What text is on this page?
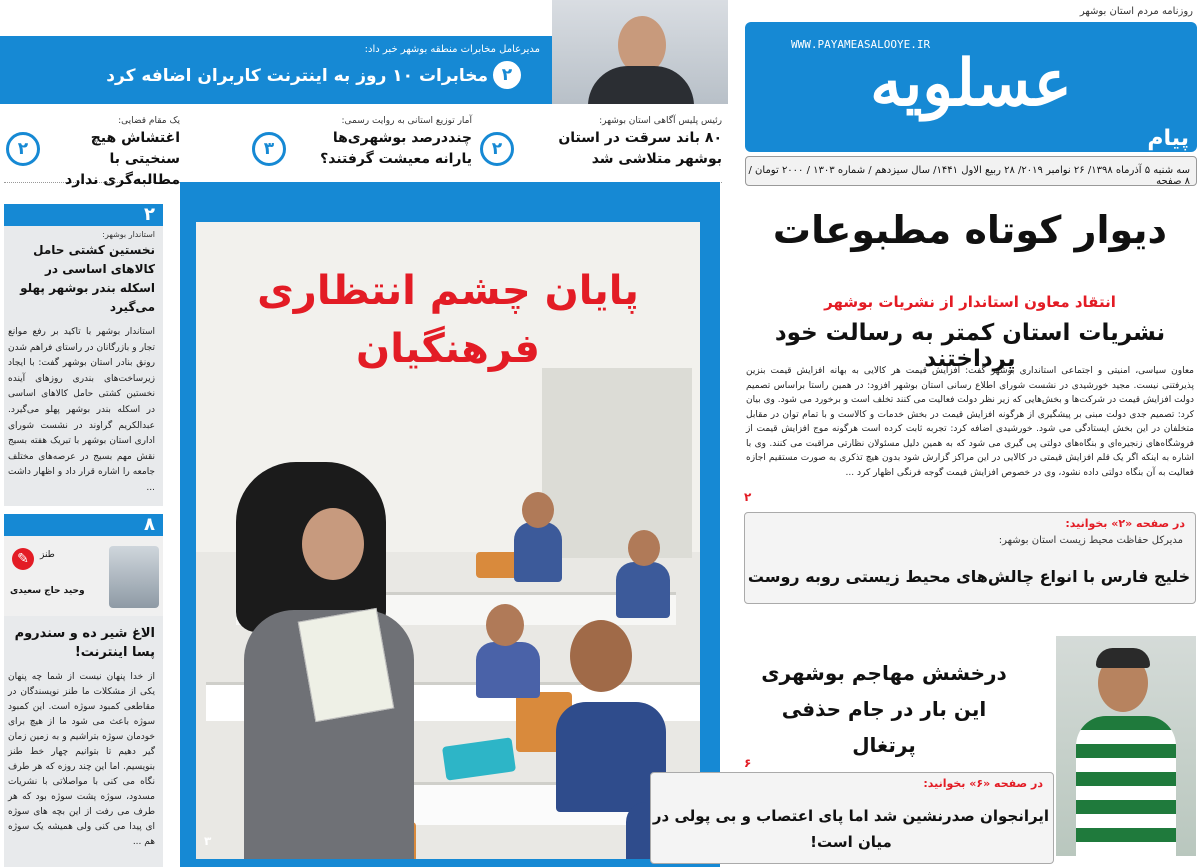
روزنامه مردم استان بوشهر
WWW.PAYAMEASALOOYE.IR
عسلویه
پیام
سه شنبه ۵ آذرماه ۱۳۹۸/ ۲۶ نوامبر ۲۰۱۹/ ۲۸ ربیع الاول ۱۴۴۱/ سال سیزدهم / شماره ۱۳۰۳ / ۲۰۰۰ تومان / ۸ صفحه
مدیرعامل مخابرات منطقه بوشهر خبر داد:
مخابرات ۱۰ روز به اینترنت کاربران اضافه کرد ۲
رئیس پلیس آگاهی استان بوشهر:
۸۰ باند سرقت در استان بوشهر متلاشی شد
۲
آمار توزیع استانی به روایت رسمی:
چنددرصد بوشهری‌ها یارانه معیشت گرفتند؟
۳
یک مقام قضایی:
اغتشاش هیچ سنخیتی با مطالبه‌گری ندارد
۲
۲
استاندار بوشهر:
نخستین کشتی حامل کالاهای اساسی در اسکله بندر بوشهر پهلو می‌گیرد
استاندار بوشهر با تاکید بر رفع موانع تجار و بازرگانان در راستای فراهم شدن رونق بنادر استان بوشهر گفت: با ایجاد زیرساخت‌های بندری روزهای آینده نخستین کشتی حامل کالاهای اساسی در اسکله بندر بوشهر پهلو می‌گیرد. عبدالکریم گراوند در نشست شورای اداری استان بوشهر با تبریک هفته بسیج نقش مهم بسیج در عرصه‌های مختلف جامعه را اشاره قرار داد و اظهار داشت ...
۸
✎	طنز
وحید حاج سعیدی
الاغ شیر ده و سندروم پسا اینترنت!
از خدا پنهان نیست از شما چه پنهان یکی از مشکلات ما طنز نویسندگان در مقاطعی کمبود سوژه است. این کمبود سوژه باعث می شود ما از هیچ برای خودمان سوژه بتراشیم و به زمین زمان گیر دهیم تا بتوانیم چهار خط طنز بنویسیم. اما این چند روزه که هر طرف نگاه می کنی با مواصلاتی با نشریات مسدود، سوژه پشت سوژه بود که هر طرف می رفت از این بچه های سوژه ای پیدا می کنی ولی همیشه یک سوژه هم ...
پایان چشم انتظاری فرهنگیان
۳
دیوار کوتاه مطبوعات
انتقاد معاون استاندار از نشریات بوشهر
نشریات استان کمتر به رسالت خود پرداختند
معاون سیاسی، امنیتی و اجتماعی استانداری بوشهر گفت: افزایش قیمت هر کالایی به بهانه افزایش قیمت بنزین پذیرفتنی نیست. مجید خورشیدی در نشست شورای اطلاع رسانی استان بوشهر افزود: در همین راستا براساس تصمیم دولت افزایش قیمت در شرکت‌ها و بخش‌هایی که زیر نظر دولت فعالیت می کنند تخلف است و برخورد می شود. وی بیان کرد: تصمیم جدی دولت مبنی بر پیشگیری از هرگونه افزایش قیمت در بخش خدمات و کالاست و با تمام توان در مقابل متخلفان در این بخش ایستادگی می شود. خورشیدی اضافه کرد: تجربه ثابت کرده است هرگونه موج افزایش قیمت از فروشگاه‌های زنجیره‌ای و بنگاه‌های دولتی پی گیری می شود که به همین دلیل مسئولان نظارتی مراقبت می کنند. وی با اشاره به اینکه اگر یک قلم افزایش قیمتی در کالایی در این مراکز گزارش شود بدون هیچ تذکری به صورت مستقیم اجازه فعالیت به آن بنگاه دولتی داده نشود، وی در خصوص افزایش قیمت گوجه فرنگی اظهار کرد ...
۲
در صفحه «۲» بخوانید:
مدیرکل حفاظت محیط زیست استان بوشهر:
خلیج فارس با انواع چالش‌های محیط زیستی روبه روست
درخشش مهاجم بوشهری این بار در جام حذفی پرتغال
۶
در صفحه «۶» بخوانید:
ایرانجوان صدرنشین شد اما پای اعتصاب و بی پولی در میان است!
